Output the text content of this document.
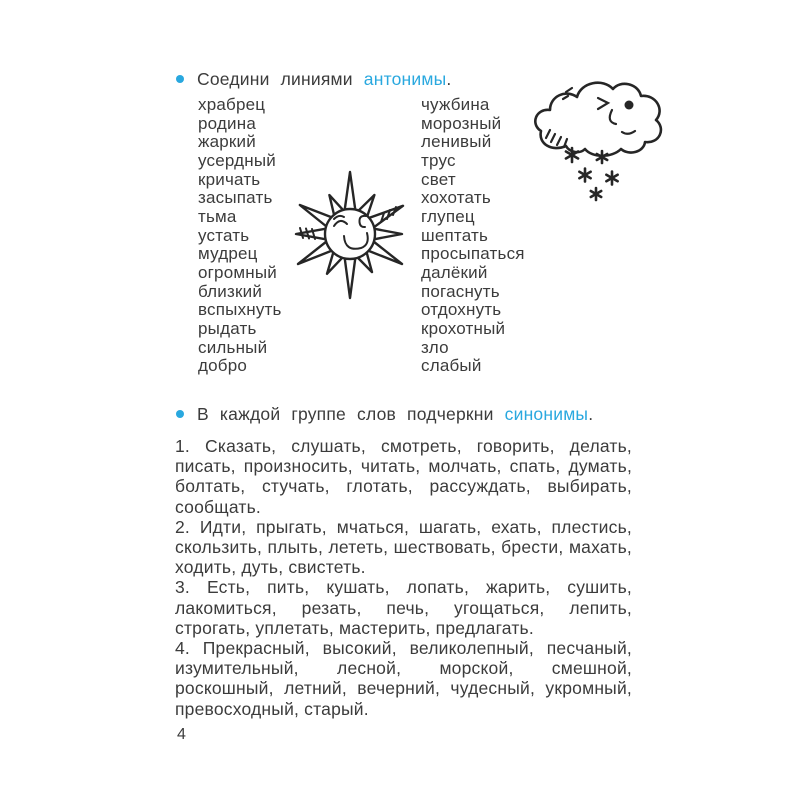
Соедини линиями антонимы.
храбрец
родина
жаркий
усердный
кричать
засыпать
тьма
устать
мудрец
огромный
близкий
вспыхнуть
рыдать
сильный
добро
чужбина
морозный
ленивый
трус
свет
хохотать
глупец
шептать
просыпаться
далёкий
погаснуть
отдохнуть
крохотный
зло
слабый
В каждой группе слов подчеркни синонимы.
1. Сказать, слушать, смотреть, говорить, делать,
писать, произносить, читать, молчать, спать, думать,
болтать, стучать, глотать, рассуждать, выбирать,
сообщать.
2. Идти, прыгать, мчаться, шагать, ехать, плестись,
скользить, плыть, лететь, шествовать, брести, махать,
ходить, дуть, свистеть.
3. Есть, пить, кушать, лопать, жарить, сушить,
лакомиться, резать, печь, угощаться, лепить,
строгать, уплетать, мастерить, предлагать.
4. Прекрасный, высокий, великолепный, песчаный,
изумительный, лесной, морской, смешной,
роскошный, летний, вечерний, чудесный, укромный,
превосходный, старый.
4
